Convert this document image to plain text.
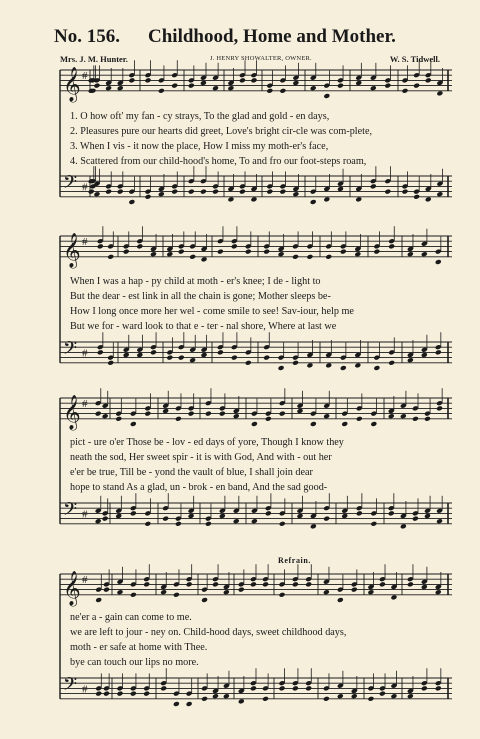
No. 156. Childhood, Home and Mother.
Mrs. J. M. Hunter.	J. HENRY SHOWALTER, OWNER.	W. S. Tidwell.
𝄞
𝄢
#
#
𝄞
𝄢
#
#
𝄞
𝄢
#
#
𝄞
𝄢
#
#
Refrain.
1. O how oft' my fan - cy strays, To the glad and gold - en days,
2. Pleasures pure our hearts did greet, Love's bright cir-cle was com-plete,
3. When I vis - it now the place, How I miss my moth-er's face,
4. Scattered from our child-hood's home, To and fro our foot-steps roam,
When I was a hap - py child at moth - er's knee; I de - light to
But the dear - est link in all the chain is gone; Mother sleeps be-
How I long once more her wel - come smile to see! Sav-iour, help me
But we for - ward look to that e - ter - nal shore, Where at last we
pict - ure o'er Those be - lov - ed days of yore, Though I know they
neath the sod, Her sweet spir - it is with God, And with - out her
e'er be true, Till be - yond the vault of blue, I shall join dear
hope to stand As a glad, un - brok - en band, And the sad good-
ne'er a - gain can come to me.
we are left to jour - ney on. Child-hood days, sweet childhood days,
moth - er safe at home with Thee.
bye can touch our lips no more.
